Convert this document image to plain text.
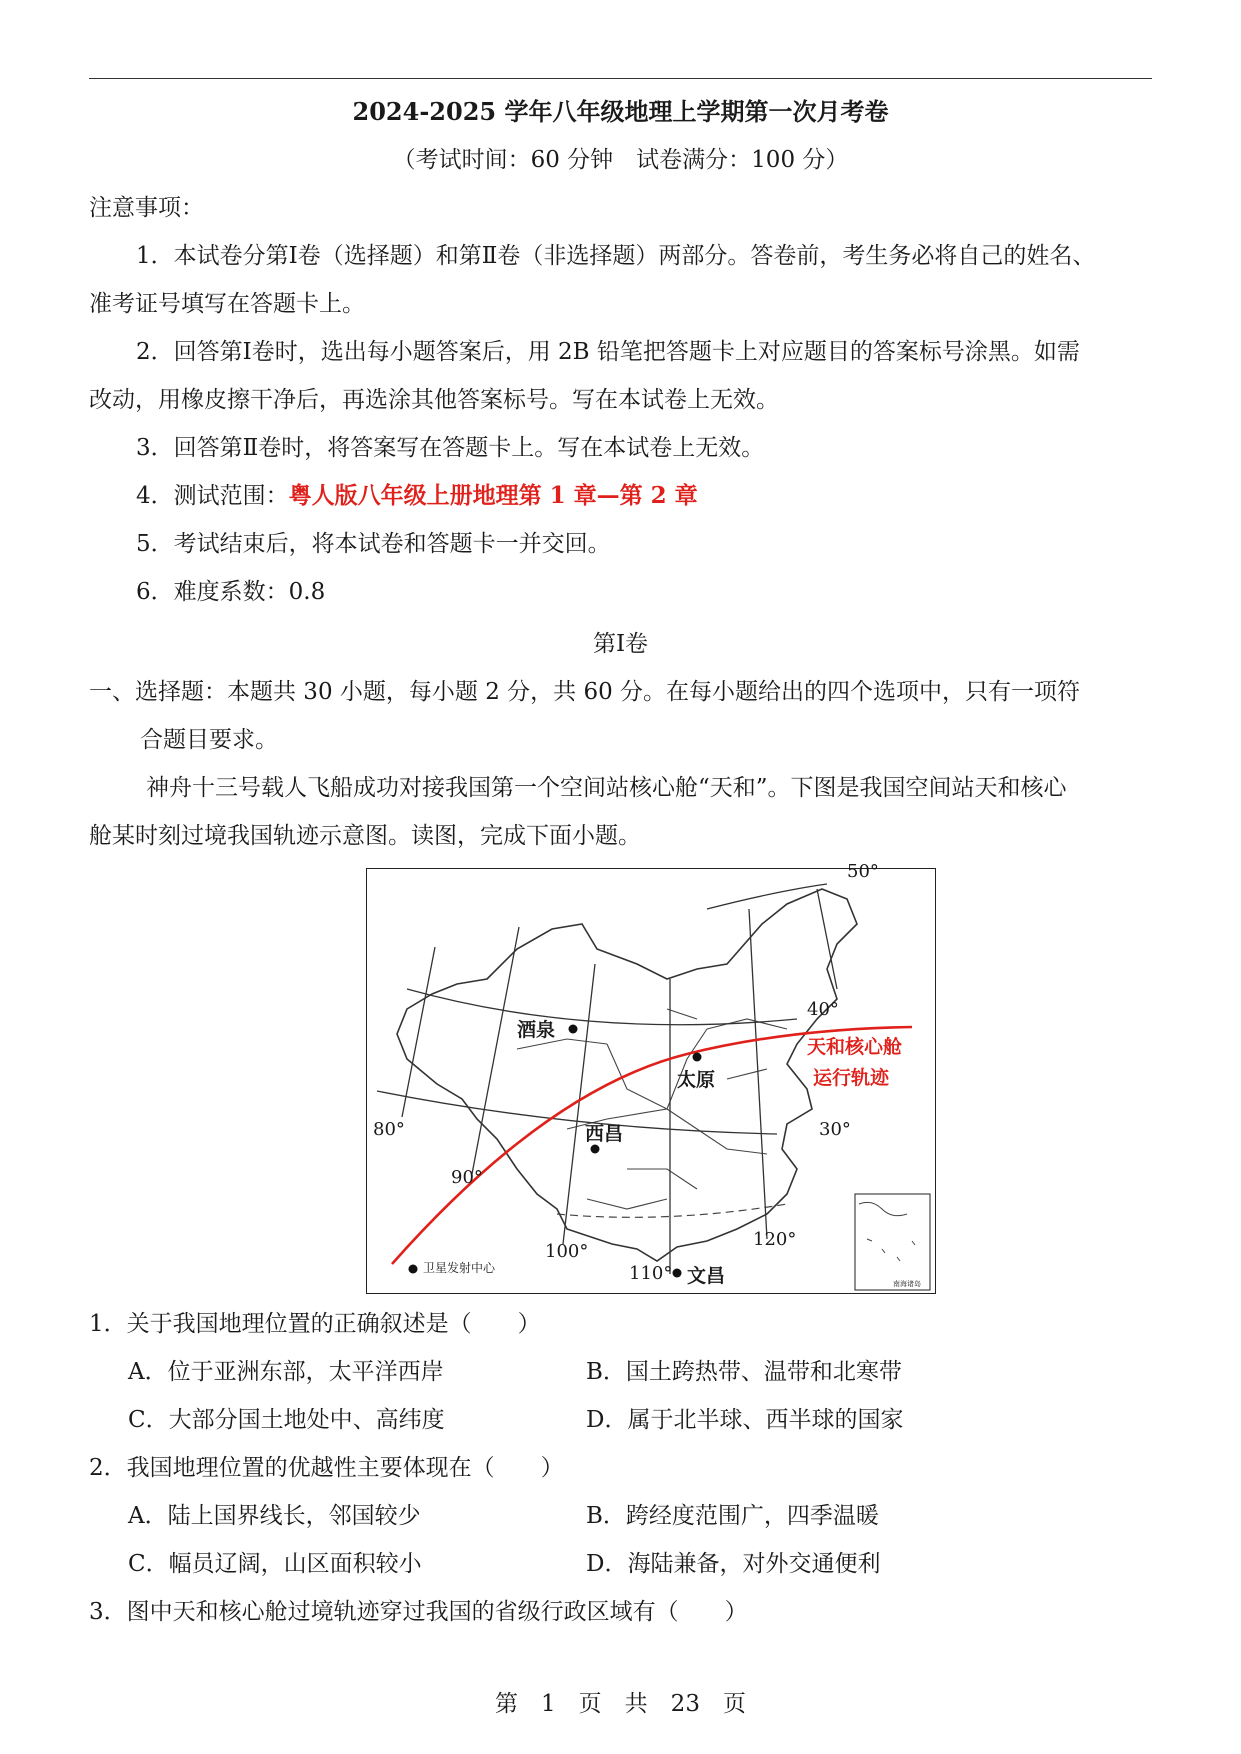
2024-2025 学年八年级地理上学期第一次月考卷
（考试时间：60 分钟　试卷满分：100 分）
注意事项：
1．本试卷分第Ⅰ卷（选择题）和第Ⅱ卷（非选择题）两部分。答卷前，考生务必将自己的姓名、
准考证号填写在答题卡上。
2．回答第Ⅰ卷时，选出每小题答案后，用 2B 铅笔把答题卡上对应题目的答案标号涂黑。如需
改动，用橡皮擦干净后，再选涂其他答案标号。写在本试卷上无效。
3．回答第Ⅱ卷时，将答案写在答题卡上。写在本试卷上无效。
4．测试范围：粤人版八年级上册地理第 1 章—第 2 章
5．考试结束后，将本试卷和答题卡一并交回。
6．难度系数：0.8
第Ⅰ卷
一、选择题：本题共 30 小题，每小题 2 分，共 60 分。在每小题给出的四个选项中，只有一项符
合题目要求。
神舟十三号载人飞船成功对接我国第一个空间站核心舱“天和”。下图是我国空间站天和核心
舱某时刻过境我国轨迹示意图。读图，完成下面小题。
50°
40°
30°
80°
90°
100°
110°
120°
酒泉
太原
西昌
文昌
天和核心舱
运行轨迹
卫星发射中心
南海诸岛
1．关于我国地理位置的正确叙述是（　　）
A．位于亚洲东部，太平洋西岸	B．国土跨热带、温带和北寒带
C．大部分国土地处中、高纬度	D．属于北半球、西半球的国家
2．我国地理位置的优越性主要体现在（　　）
A．陆上国界线长，邻国较少	B．跨经度范围广，四季温暖
C．幅员辽阔，山区面积较小	D．海陆兼备，对外交通便利
3．图中天和核心舱过境轨迹穿过我国的省级行政区域有（　　）
第　1　页　共　23　页
